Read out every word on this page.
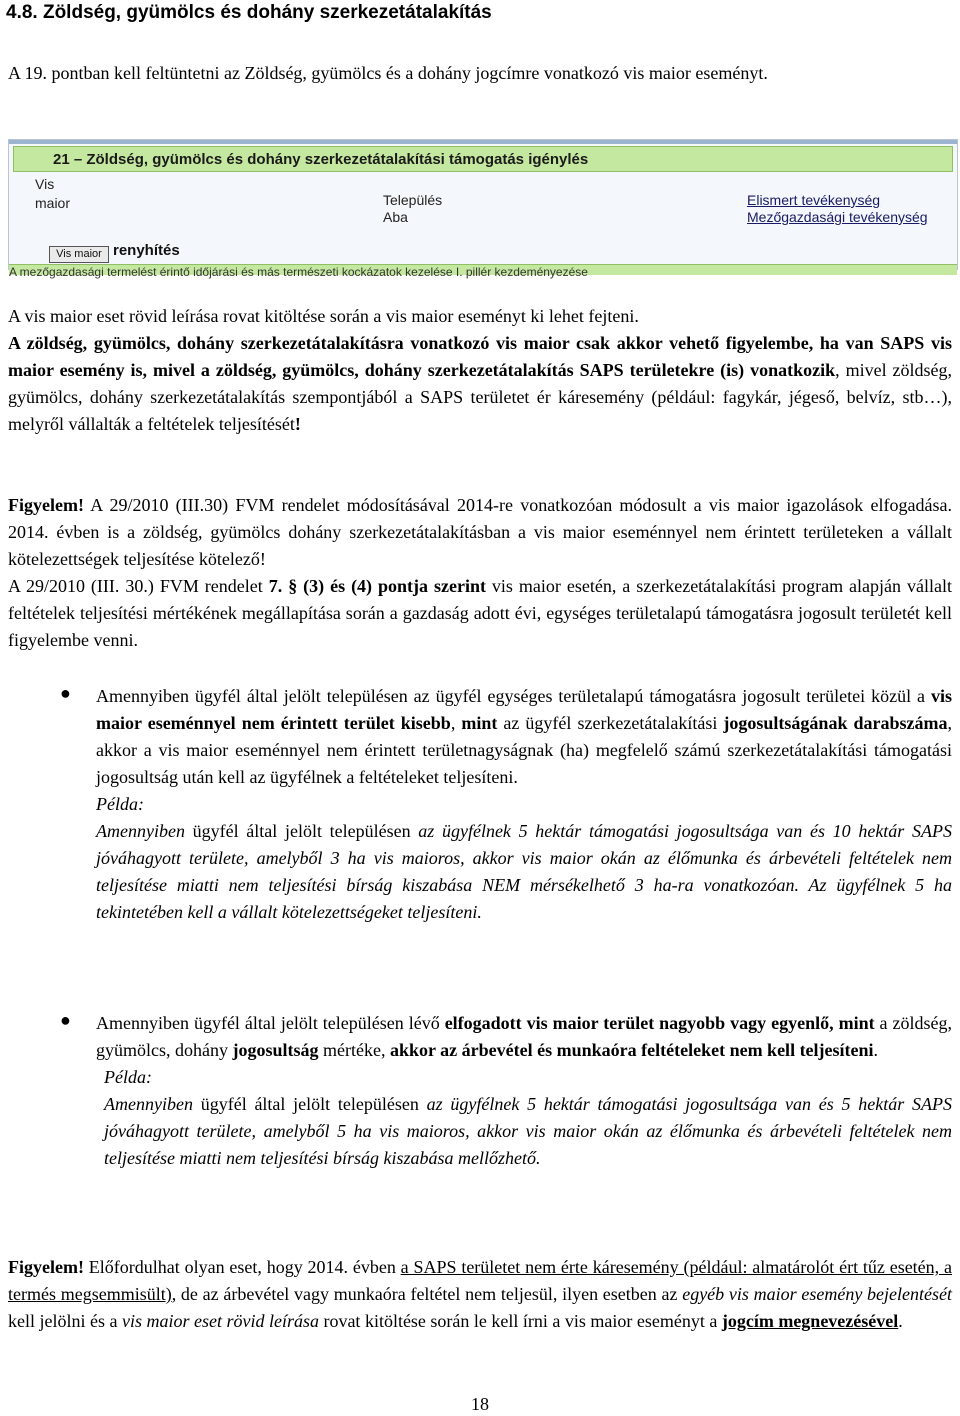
4.8. Zöldség, gyümölcs és dohány szerkezetátalakítás
A 19. pontban kell feltüntetni az Zöldség, gyümölcs és a dohány jogcímre vonatkozó vis maior eseményt.
21 – Zöldség, gyümölcs és dohány szerkezetátalakítási támogatás igénylés
Vis
maior	Település
Aba
Elismert tevékenység
Mezőgazdasági tevékenység
Vis maior renyhítés
A mezőgazdasági termelést érintő időjárási és más természeti kockázatok kezelése I. pillér kezdeményezése
A vis maior eset rövid leírása rovat kitöltése során a vis maior eseményt ki lehet fejteni.
A zöldség, gyümölcs, dohány szerkezetátalakításra vonatkozó vis maior csak akkor vehető figyelembe, ha van SAPS vis maior esemény is, mivel a zöldség, gyümölcs, dohány szerkezetátalakítás SAPS területekre (is) vonatkozik, mivel zöldség, gyümölcs, dohány szerkezetátalakítás szempontjából a SAPS területet ér káresemény (például: fagykár, jégeső, belvíz, stb…), melyről vállalták a feltételek teljesítését!
Figyelem! A 29/2010 (III.30) FVM rendelet módosításával 2014-re vonatkozóan módosult a vis maior igazolások elfogadása. 2014. évben is a zöldség, gyümölcs dohány szerkezetátalakításban a vis maior eseménnyel nem érintett területeken a vállalt kötelezettségek teljesítése kötelező!
A 29/2010 (III. 30.) FVM rendelet 7. § (3) és (4) pontja szerint vis maior esetén, a szerkezetátalakítási program alapján vállalt feltételek teljesítési mértékének megállapítása során a gazdaság adott évi, egységes területalapú támogatásra jogosult területét kell figyelembe venni.
● Amennyiben ügyfél által jelölt településen az ügyfél egységes területalapú támogatásra jogosult területei közül a vis maior eseménnyel nem érintett terület kisebb, mint az ügyfél szerkezetátalakítási jogosultságának darabszáma, akkor a vis maior eseménnyel nem érintett területnagyságnak (ha) megfelelő számú szerkezetátalakítási támogatási jogosultság után kell az ügyfélnek a feltételeket teljesíteni.
Példa:
Amennyiben ügyfél által jelölt településen az ügyfélnek 5 hektár támogatási jogosultsága van és 10 hektár SAPS jóváhagyott területe, amelyből 3 ha vis maioros, akkor vis maior okán az élőmunka és árbevételi feltételek nem teljesítése miatti nem teljesítési bírság kiszabása NEM mérsékelhető 3 ha-ra vonatkozóan. Az ügyfélnek 5 ha tekintetében kell a vállalt kötelezettségeket teljesíteni.
● Amennyiben ügyfél által jelölt településen lévő elfogadott vis maior terület nagyobb vagy egyenlő, mint a zöldség, gyümölcs, dohány jogosultság mértéke, akkor az árbevétel és munkaóra feltételeket nem kell teljesíteni.
Példa:
Amennyiben ügyfél által jelölt településen az ügyfélnek 5 hektár támogatási jogosultsága van és 5 hektár SAPS jóváhagyott területe, amelyből 5 ha vis maioros, akkor vis maior okán az élőmunka és árbevételi feltételek nem teljesítése miatti nem teljesítési bírság kiszabása mellőzhető.
Figyelem! Előfordulhat olyan eset, hogy 2014. évben a SAPS területet nem érte káresemény (például: almatárolót ért tűz esetén, a termés megsemmisült), de az árbevétel vagy munkaóra feltétel nem teljesül, ilyen esetben az egyéb vis maior esemény bejelentését kell jelölni és a vis maior eset rövid leírása rovat kitöltése során le kell írni a vis maior eseményt a jogcím megnevezésével.
18
